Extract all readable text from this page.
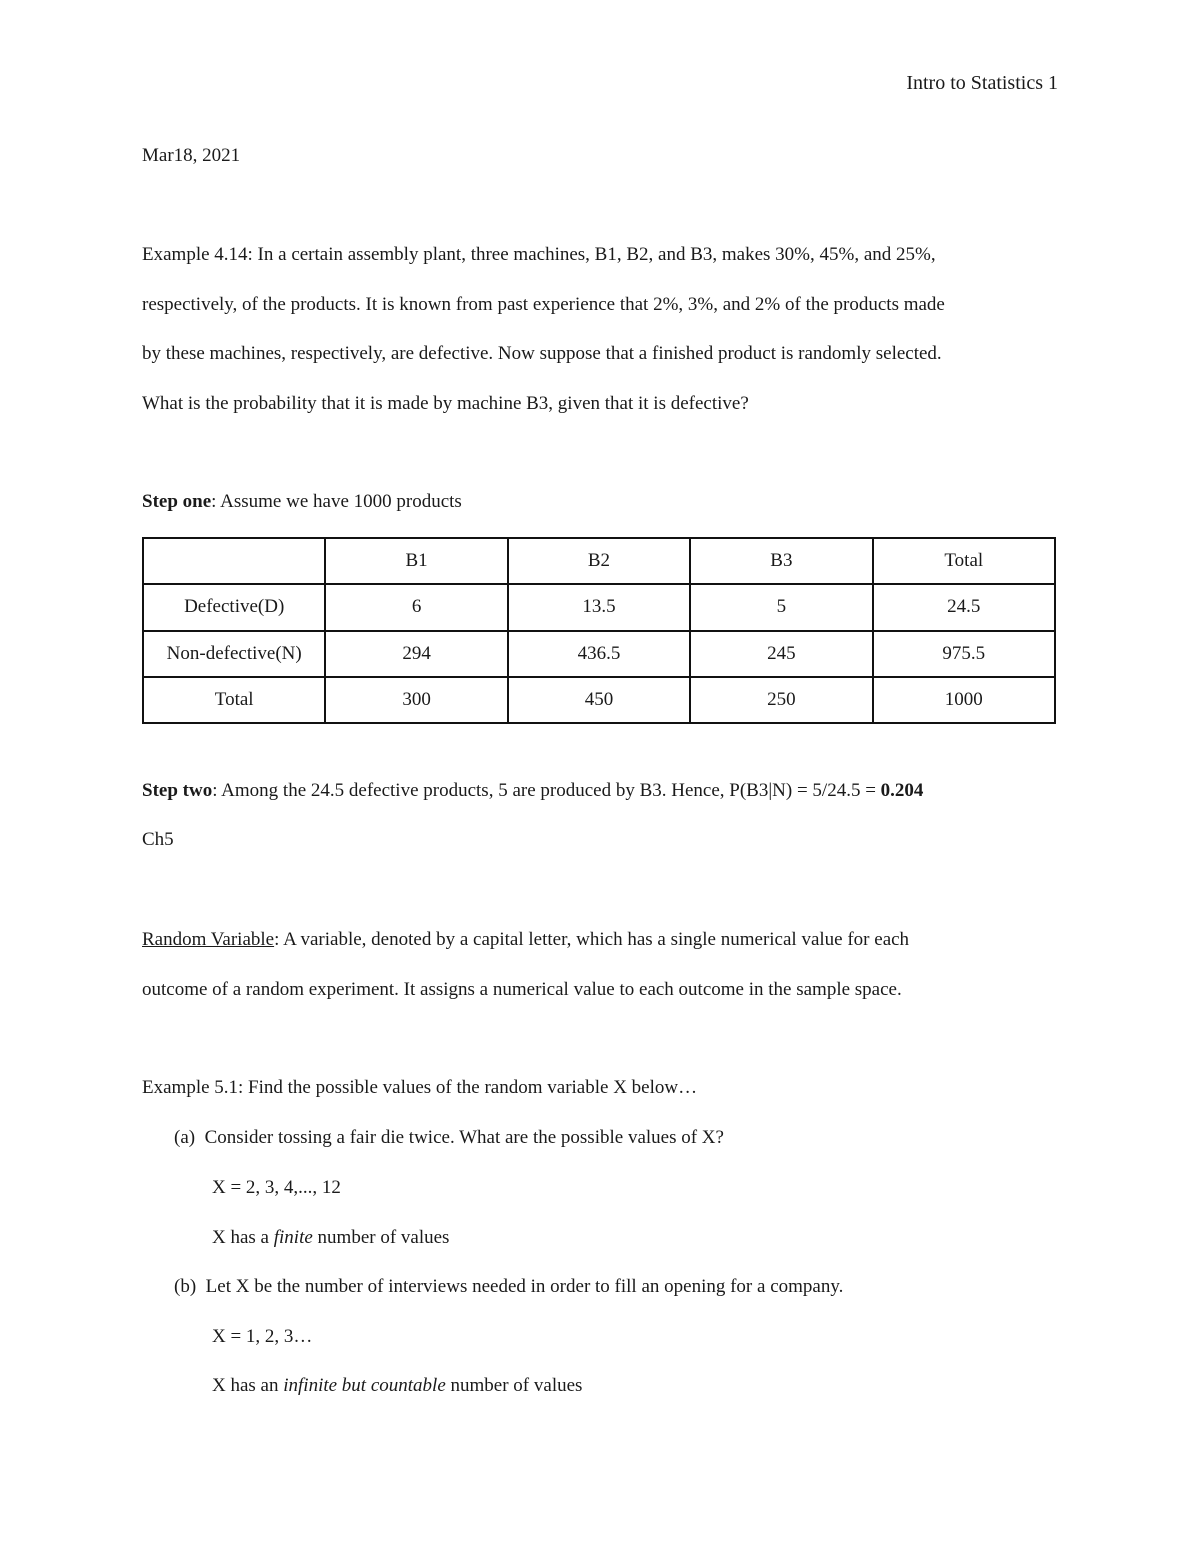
Intro to Statistics 1
Mar18, 2021
Example 4.14: In a certain assembly plant, three machines, B1, B2, and B3, makes 30%, 45%, and 25%,
respectively, of the products. It is known from past experience that 2%, 3%, and 2% of the products made
by these machines, respectively, are defective. Now suppose that a finished product is randomly selected.
What is the probability that it is made by machine B3, given that it is defective?
Step one: Assume we have 1000 products
	B1	B2	B3	Total
Defective(D)	6	13.5	5	24.5
Non-defective(N)	294	436.5	245	975.5
Total	300	450	250	1000
Step two: Among the 24.5 defective products, 5 are produced by B3. Hence, P(B3|N) = 5/24.5 = 0.204
Ch5
Random Variable: A variable, denoted by a capital letter, which has a single numerical value for each
outcome of a random experiment. It assigns a numerical value to each outcome in the sample space.
Example 5.1: Find the possible values of the random variable X below…
(a) Consider tossing a fair die twice. What are the possible values of X?
X = 2, 3, 4,..., 12
X has a finite number of values
(b) Let X be the number of interviews needed in order to fill an opening for a company.
X = 1, 2, 3…
X has an infinite but countable number of values
